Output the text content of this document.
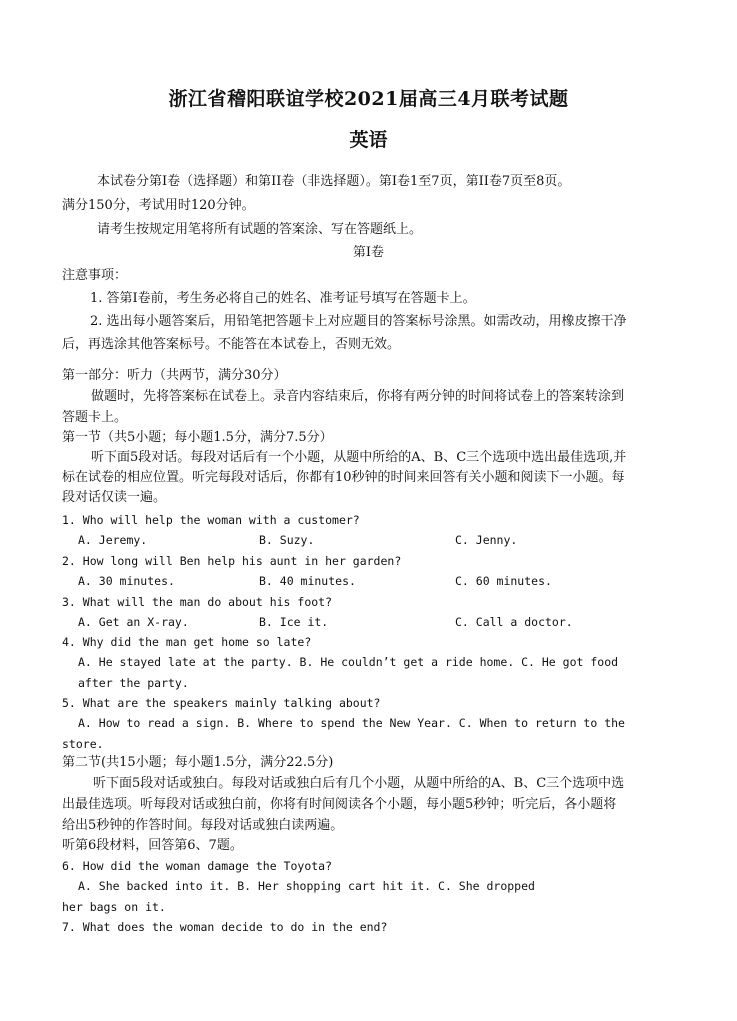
浙江省稽阳联谊学校2021届高三4月联考试题
英语
本试卷分第I卷（选择题）和第II卷（非选择题）。第I卷1至7页，第II卷7页至8页。
满分150分，考试用时120分钟。
请考生按规定用笔将所有试题的答案涂、写在答题纸上。
第I卷
注意事项：
1. 答第I卷前，考生务必将自己的姓名、准考证号填写在答题卡上。
2. 选出每小题答案后，用铅笔把答题卡上对应题目的答案标号涂黑。如需改动，用橡皮擦干净
后，再选涂其他答案标号。不能答在本试卷上，否则无效。
第一部分：听力（共两节，满分30分）
做题时，先将答案标在试卷上。录音内容结束后，你将有两分钟的时间将试卷上的答案转涂到
答题卡上。
第一节（共5小题；每小题1.5分，满分7.5分）
听下面5段对话。每段对话后有一个小题，从题中所给的A、B、C三个选项中选出最佳选项,并
标在试卷的相应位置。听完每段对话后，你都有10秒钟的时间来回答有关小题和阅读下一小题。每
段对话仅读一遍。
1. Who will help the woman with a customer?
A. Jeremy.	B. Suzy.	C. Jenny.
2. How long will Ben help his aunt in her garden?
A. 30 minutes.	B. 40 minutes.	C. 60 minutes.
3. What will the man do about his foot?
A. Get an X-ray.	B. Ice it.	C. Call a doctor.
4. Why did the man get home so late?
A. He stayed late at the party. B. He couldn’t get a ride home. C. He got food
after the party.
5. What are the speakers mainly talking about?
A. How to read a sign. B. Where to spend the New Year. C. When to return to the
store.
第二节(共15小题；每小题1.5分，满分22.5分)
听下面5段对话或独白。每段对话或独白后有几个小题，从题中所给的A、B、C三个选项中选
出最佳选项。听每段对话或独白前，你将有时间阅读各个小题，每小题5秒钟；听完后，各小题将
给出5秒钟的作答时间。每段对话或独白读两遍。
听第6段材料，回答第6、7题。
6. How did the woman damage the Toyota?
A. She backed into it. B. Her shopping cart hit it. C. She dropped
her bags on it.
7. What does the woman decide to do in the end?
